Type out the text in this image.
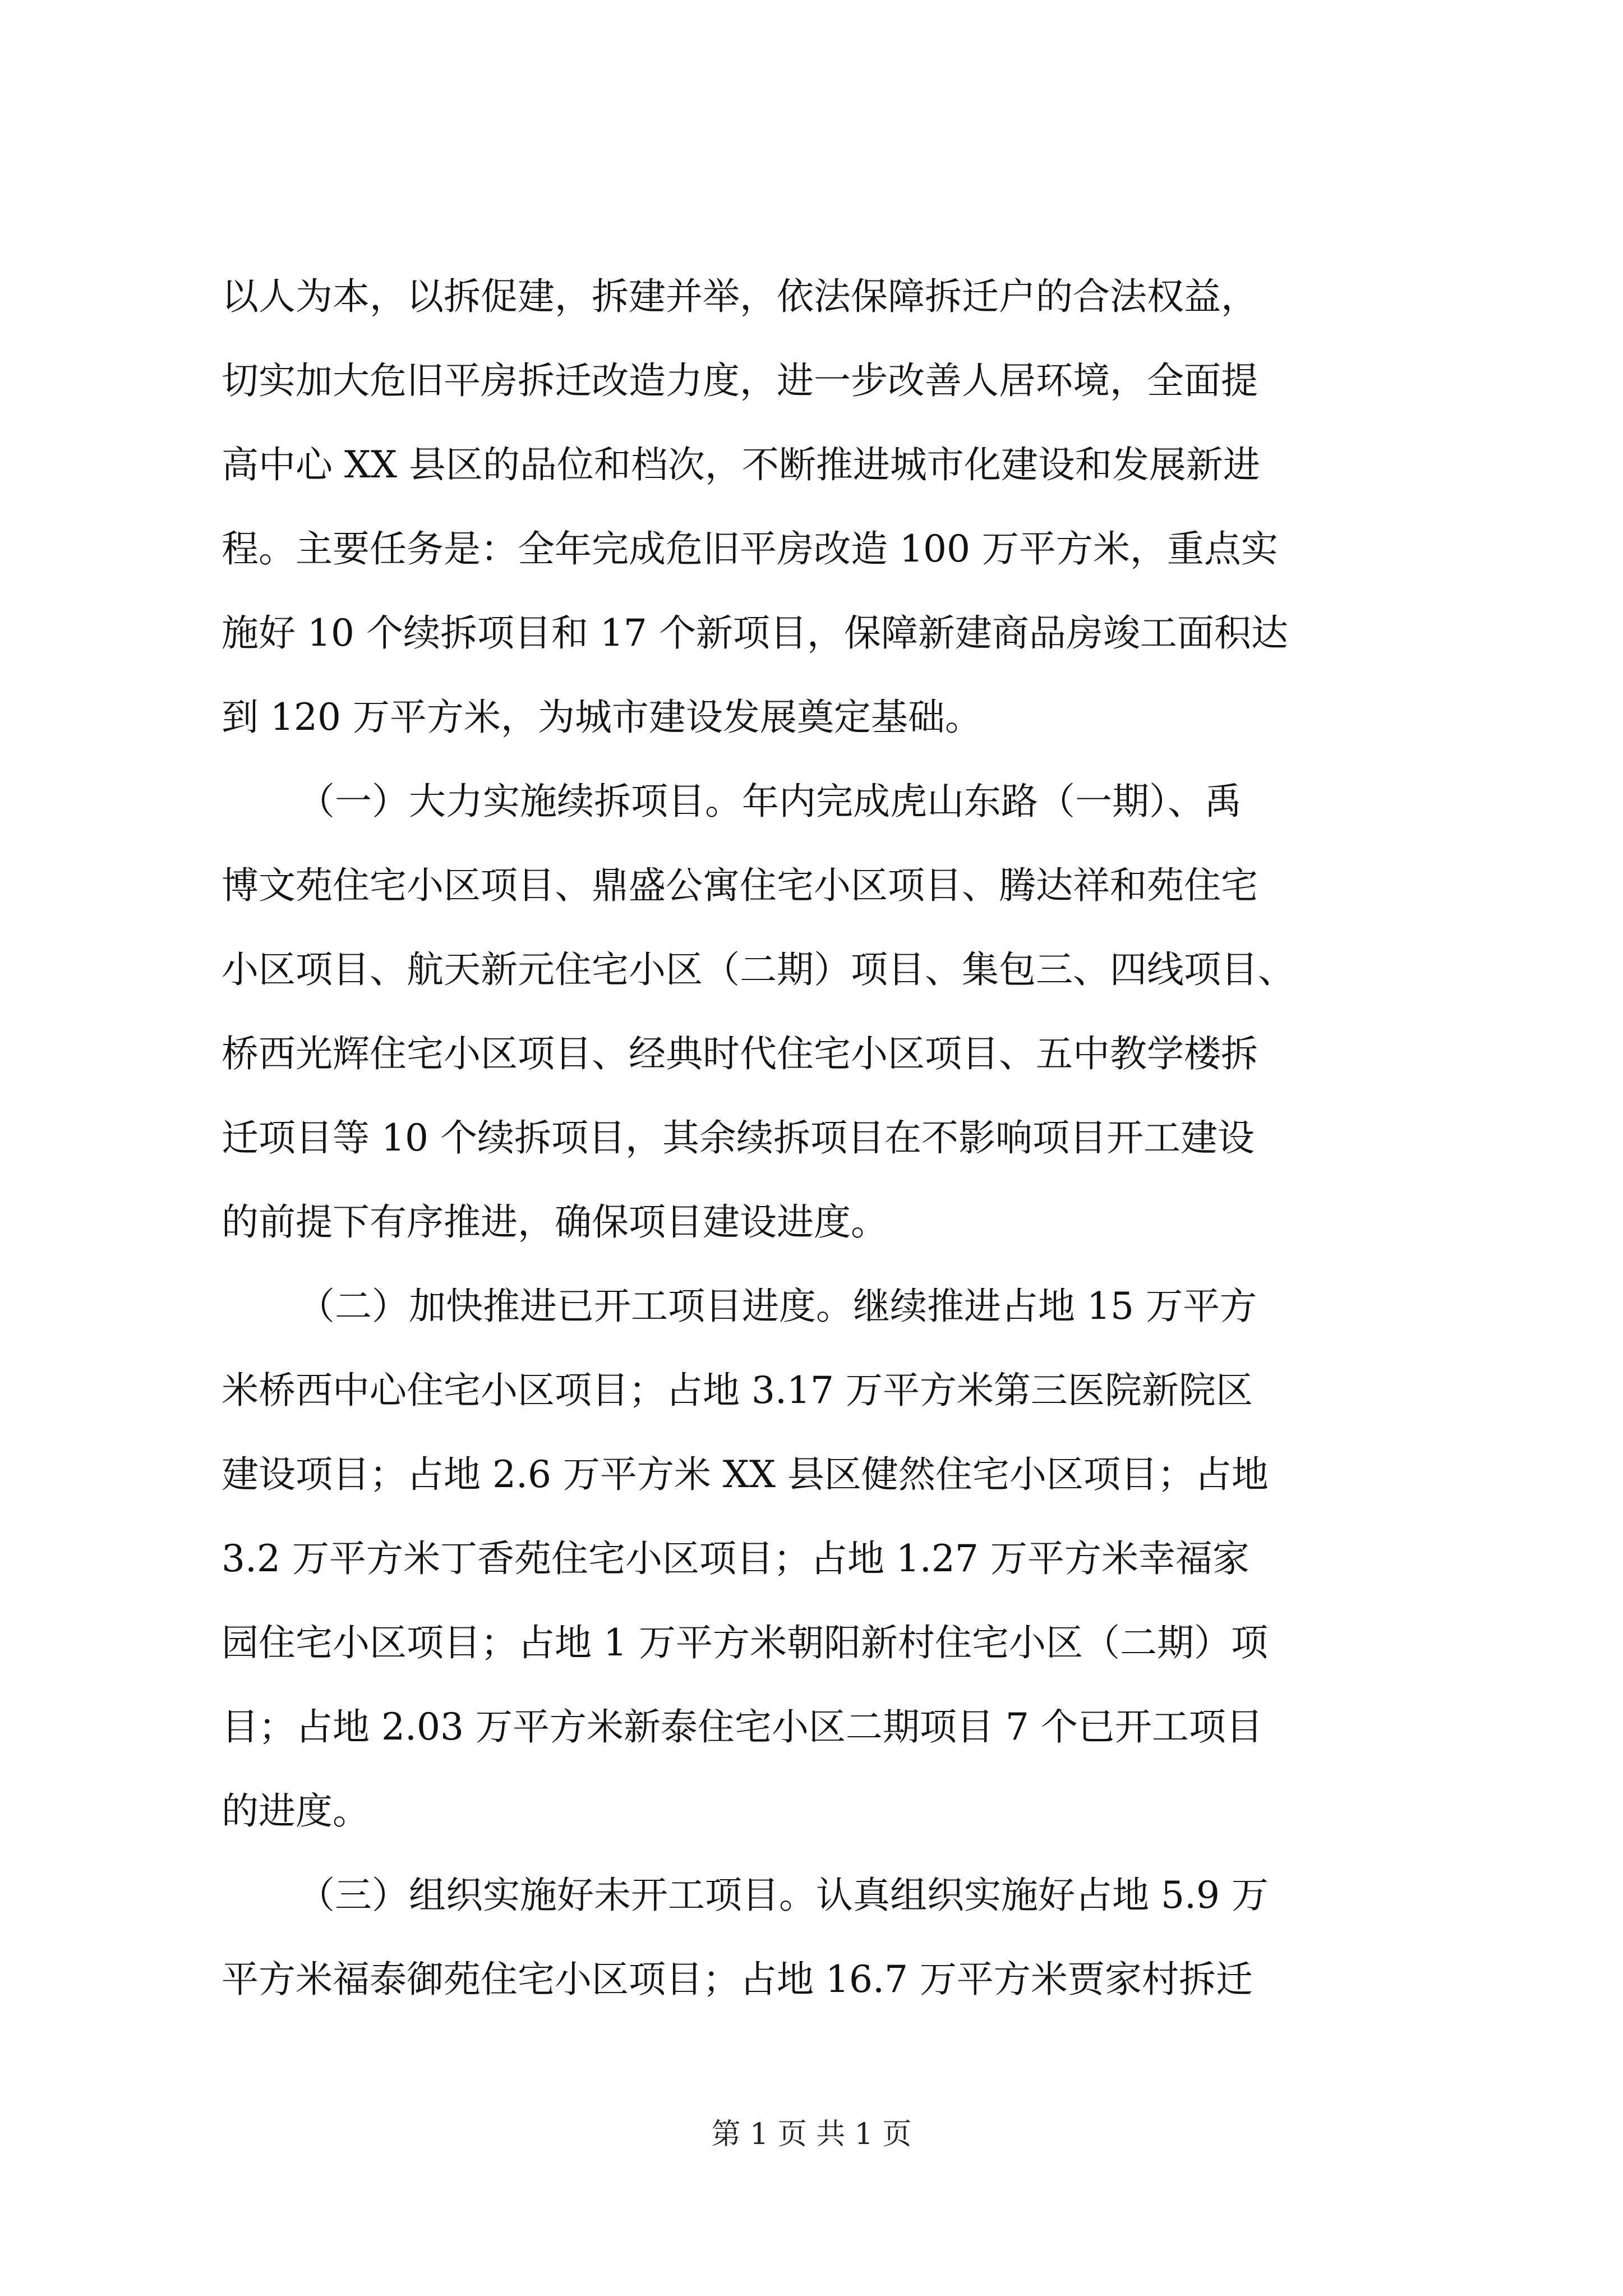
以人为本，以拆促建，拆建并举，依法保障拆迁户的合法权益，
切实加大危旧平房拆迁改造力度，进一步改善人居环境，全面提
高中心 XX 县区的品位和档次，不断推进城市化建设和发展新进
程。主要任务是：全年完成危旧平房改造 100 万平方米，重点实
施好 10 个续拆项目和 17 个新项目，保障新建商品房竣工面积达
到 120 万平方米，为城市建设发展奠定基础。
（一）大力实施续拆项目。年内完成虎山东路（一期）、禹
博文苑住宅小区项目、鼎盛公寓住宅小区项目、腾达祥和苑住宅
小区项目、航天新元住宅小区（二期）项目、集包三、四线项目、
桥西光辉住宅小区项目、经典时代住宅小区项目、五中教学楼拆
迁项目等 10 个续拆项目，其余续拆项目在不影响项目开工建设
的前提下有序推进，确保项目建设进度。
（二）加快推进已开工项目进度。继续推进占地 15 万平方
米桥西中心住宅小区项目；占地 3.17 万平方米第三医院新院区
建设项目；占地 2.6 万平方米 XX 县区健然住宅小区项目；占地
3.2 万平方米丁香苑住宅小区项目；占地 1.27 万平方米幸福家
园住宅小区项目；占地 1 万平方米朝阳新村住宅小区（二期）项
目；占地 2.03 万平方米新泰住宅小区二期项目 7 个已开工项目
的进度。
（三）组织实施好未开工项目。认真组织实施好占地 5.9 万
平方米福泰御苑住宅小区项目；占地 16.7 万平方米贾家村拆迁
第 1 页 共 1 页
